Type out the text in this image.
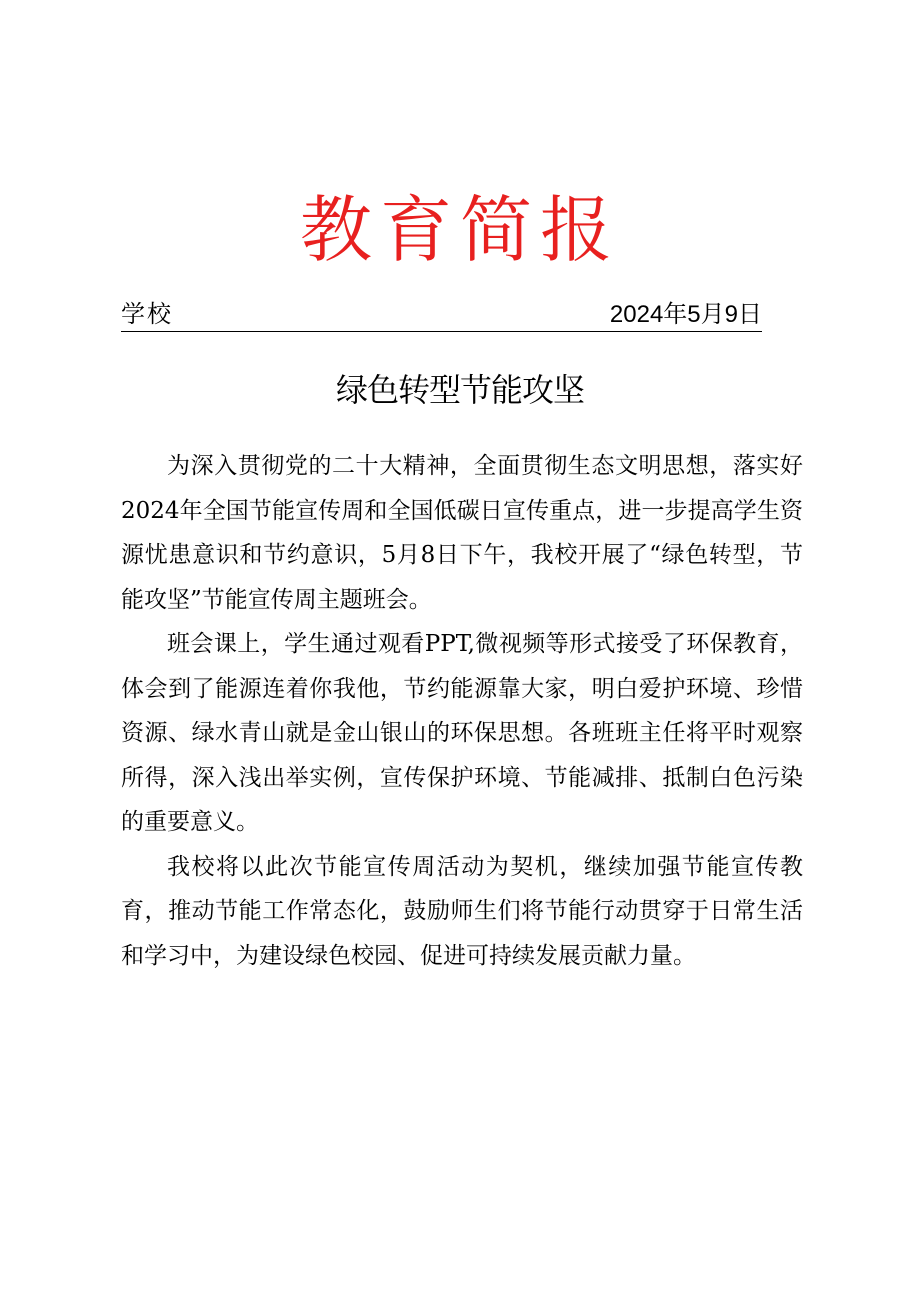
教育简报
学校	2024年5月9日
绿色转型节能攻坚

为深入贯彻党的二十大精神，全面贯彻生态文明思想，落实好2024年全国节能宣传周和全国低碳日宣传重点，进一步提高学生资源忧患意识和节约意识，5月8日下午，我校开展了“绿色转型，节能攻坚”节能宣传周主题班会。

班会课上，学生通过观看PPT,微视频等形式接受了环保教育，体会到了能源连着你我他，节约能源靠大家，明白爱护环境、珍惜资源、绿水青山就是金山银山的环保思想。各班班主任将平时观察所得，深入浅出举实例，宣传保护环境、节能减排、抵制白色污染的重要意义。

我校将以此次节能宣传周活动为契机，继续加强节能宣传教育，推动节能工作常态化，鼓励师生们将节能行动贯穿于日常生活和学习中，为建设绿色校园、促进可持续发展贡献力量。
